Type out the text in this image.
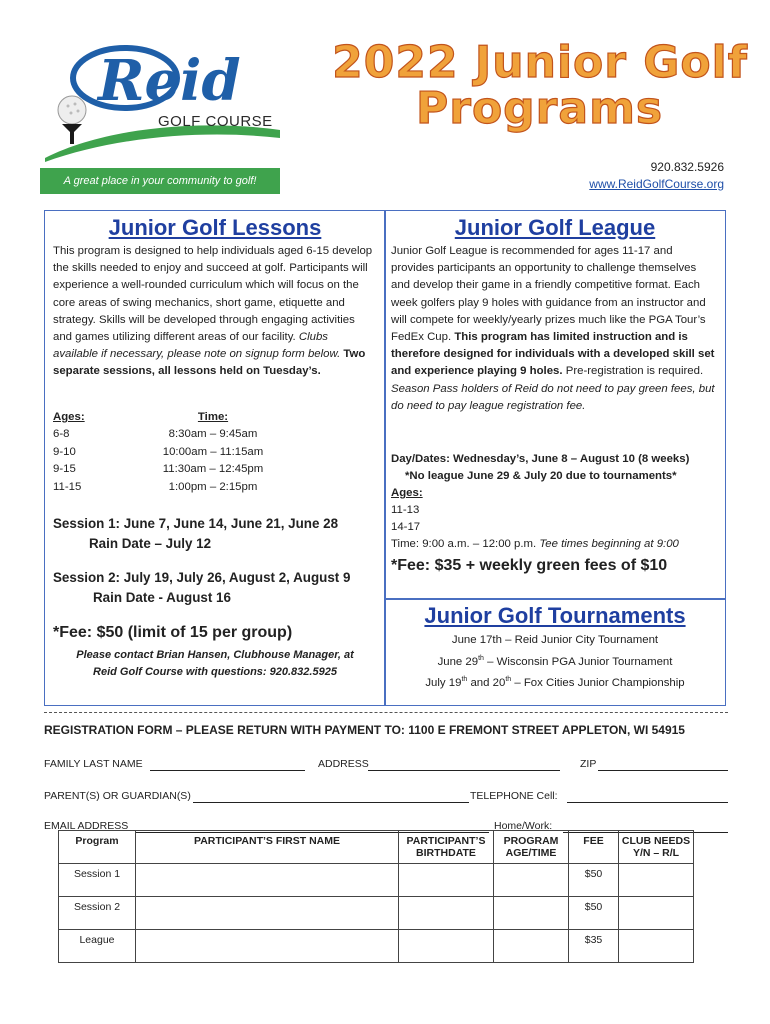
Reid
GOLF COURSE
A great place in your community to golf!
2022 Junior Golf
Programs
920.832.5926
www.ReidGolfCourse.org
Junior Golf Lessons
This program is designed to help individuals aged 6-15 develop the skills needed to enjoy and succeed at golf. Participants will experience a well-rounded curriculum which will focus on the core areas of swing mechanics, short game, etiquette and strategy. Skills will be developed through engaging activities and games utilizing different areas of our facility. Clubs available if necessary, please note on signup form below. Two separate sessions, all lessons held on Tuesday’s.
Ages:	Time:
6-8	8:30am – 9:45am
9-10	10:00am – 11:15am
9-15	11:30am – 12:45pm
11-15	1:00pm – 2:15pm
Session 1: June 7, June 14, June 21, June 28
Rain Date – July 12
Session 2: July 19, July 26, August 2, August 9
Rain Date - August 16
*Fee: $50 (limit of 15 per group)
Please contact Brian Hansen, Clubhouse Manager, at
Reid Golf Course with questions: 920.832.5925
Junior Golf League
Junior Golf League is recommended for ages 11-17 and provides participants an opportunity to challenge themselves and develop their game in a friendly competitive format. Each week golfers play 9 holes with guidance from an instructor and will compete for weekly/yearly prizes much like the PGA Tour’s FedEx Cup. This program has limited instruction and is therefore designed for individuals with a developed skill set and experience playing 9 holes. Pre-registration is required. Season Pass holders of Reid do not need to pay green fees, but do need to pay league registration fee.
Day/Dates: Wednesday’s, June 8 – August 10 (8 weeks)
*No league June 29 & July 20 due to tournaments*
Ages:
11-13
14-17
Time: 9:00 a.m. – 12:00 p.m. Tee times beginning at 9:00
*Fee: $35 + weekly green fees of $10
Junior Golf Tournaments
June 17th – Reid Junior City Tournament
June 29th – Wisconsin PGA Junior Tournament
July 19th and 20th – Fox Cities Junior Championship
REGISTRATION FORM – PLEASE RETURN WITH PAYMENT TO: 1100 E FREMONT STREET APPLETON, WI 54915
FAMILY LAST NAME	ADDRESS	ZIP
PARENT(S) OR GUARDIAN(S)	TELEPHONE Cell:
EMAIL ADDRESS	Home/Work:
Program	PARTICIPANT’S FIRST NAME	PARTICIPANT’S BIRTHDATE	PROGRAM AGE/TIME	FEE	CLUB NEEDS Y/N – R/L
Session 1				$50	
Session 2				$50	
League				$35	
